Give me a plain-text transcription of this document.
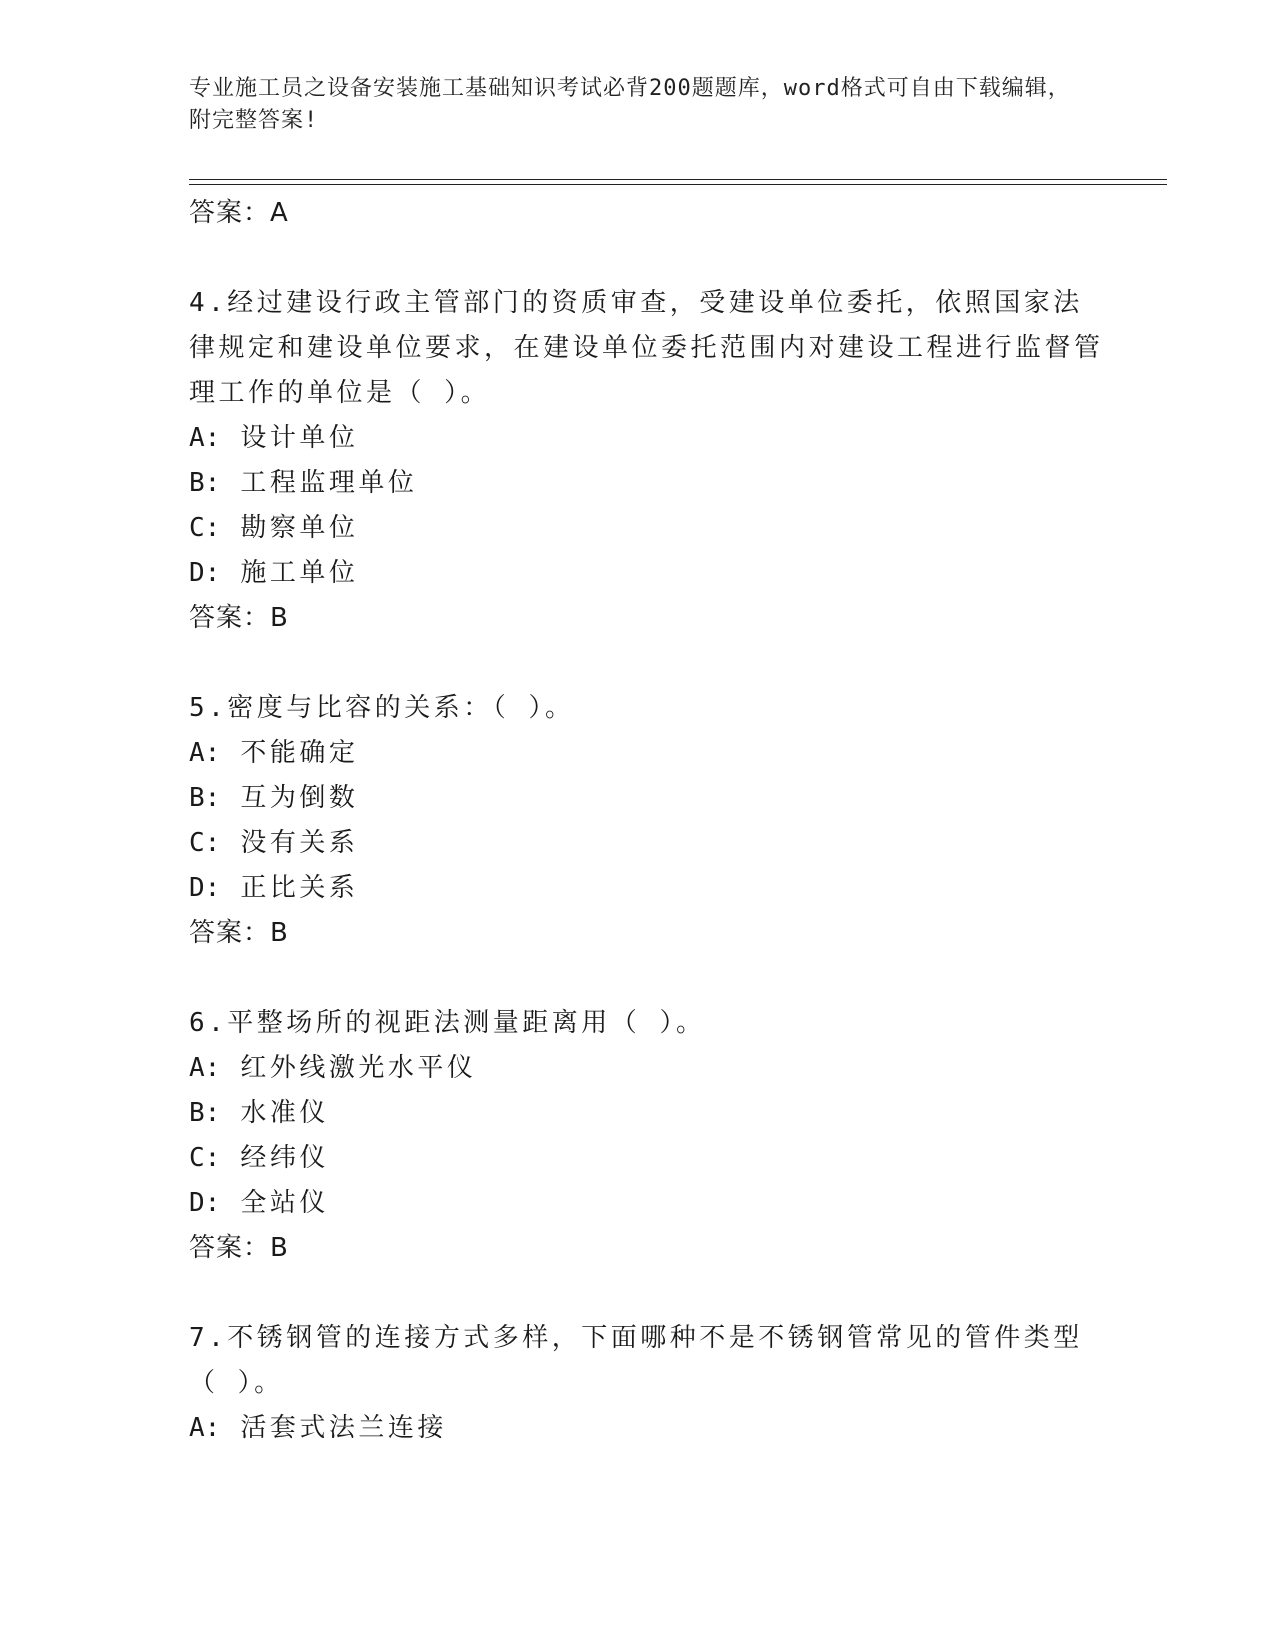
专业施工员之设备安装施工基础知识考试必背200题题库，word格式可自由下载编辑，附完整答案!
答案：A
4.经过建设行政主管部门的资质审查，受建设单位委托，依照国家法律规定和建设单位要求，在建设单位委托范围内对建设工程进行监督管理工作的单位是（ ）。
A: 设计单位
B: 工程监理单位
C: 勘察单位
D: 施工单位
答案：B
5.密度与比容的关系：（ ）。
A: 不能确定
B: 互为倒数
C: 没有关系
D: 正比关系
答案：B
6.平整场所的视距法测量距离用（ ）。
A: 红外线激光水平仪
B: 水准仪
C: 经纬仪
D: 全站仪
答案：B
7.不锈钢管的连接方式多样，下面哪种不是不锈钢管常见的管件类型（ ）。
A: 活套式法兰连接
